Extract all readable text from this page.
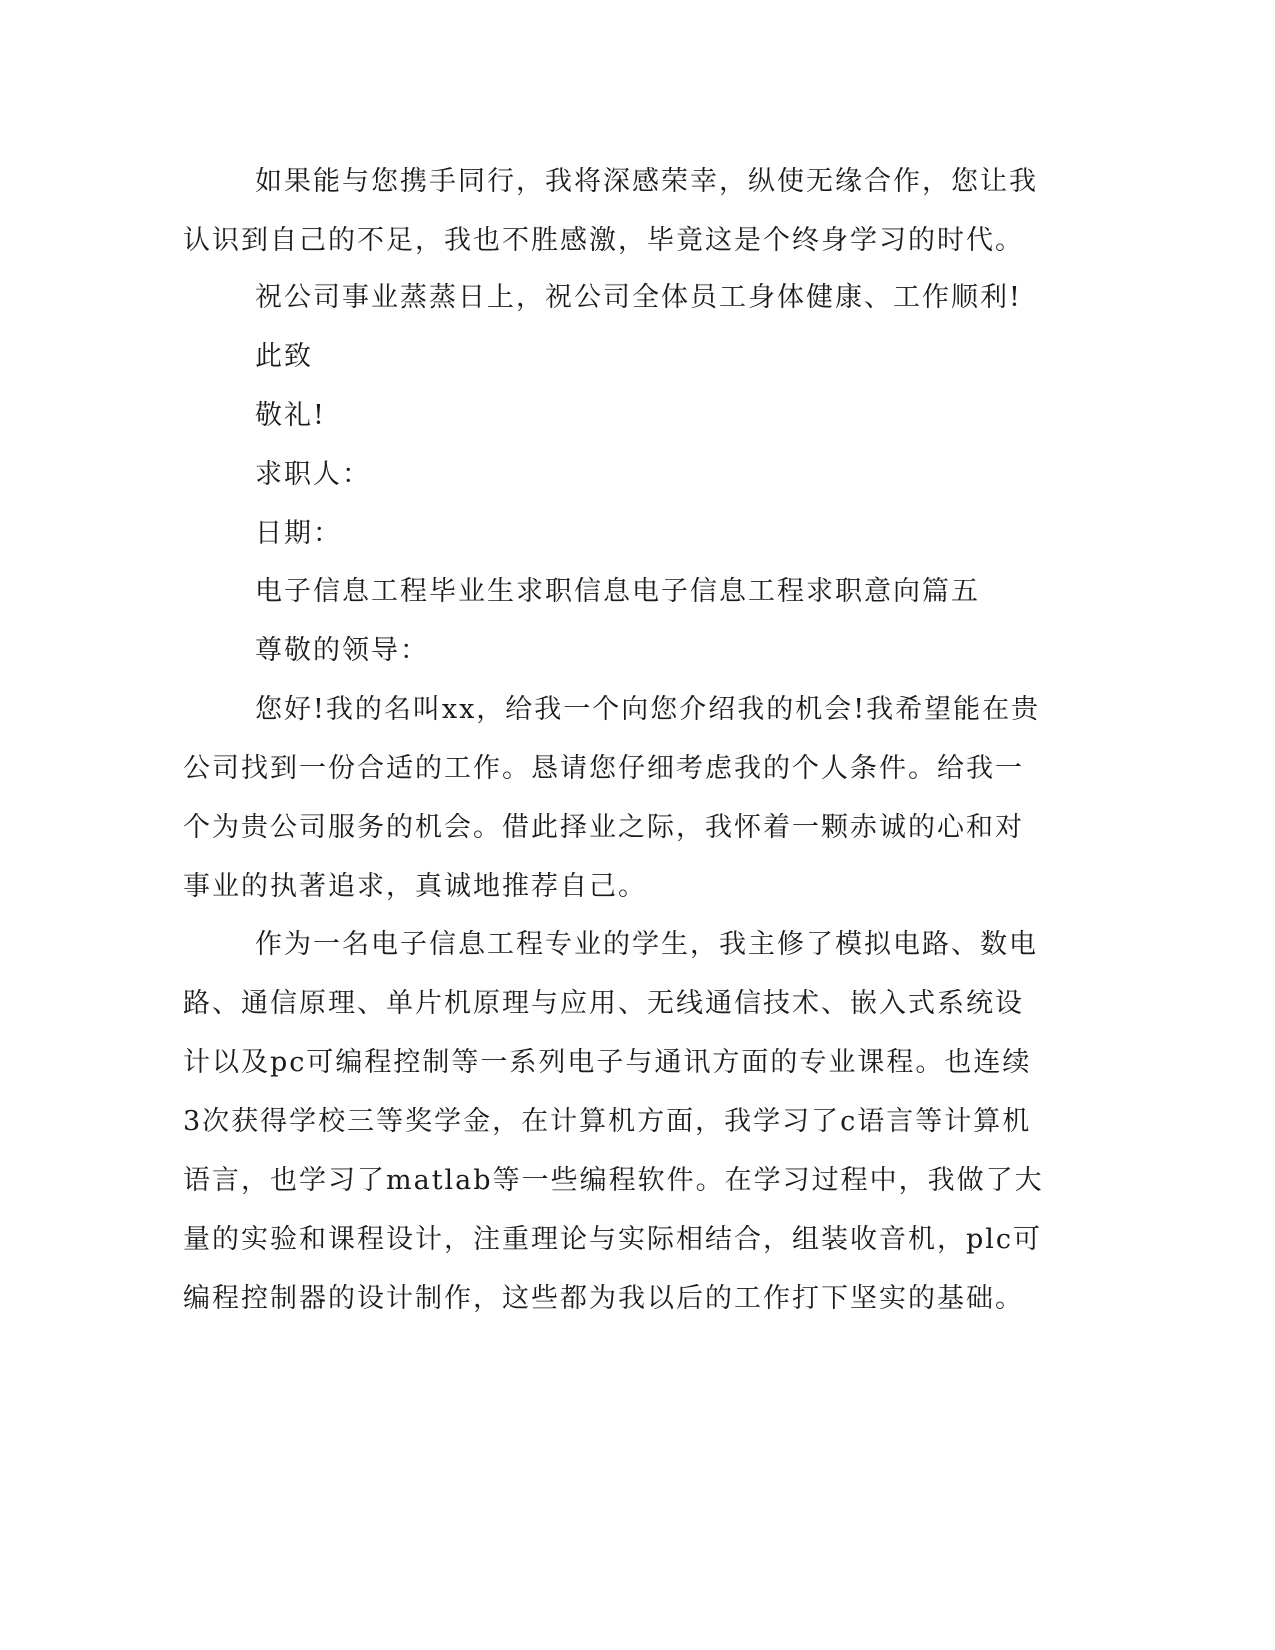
如果能与您携手同行，我将深感荣幸，纵使无缘合作，您让我认识到自己的不足，我也不胜感激，毕竟这是个终身学习的时代。

祝公司事业蒸蒸日上，祝公司全体员工身体健康、工作顺利!

此致

敬礼!

求职人：

日期：

电子信息工程毕业生求职信息电子信息工程求职意向篇五

尊敬的领导：

您好!我的名叫xx，给我一个向您介绍我的机会!我希望能在贵公司找到一份合适的工作。恳请您仔细考虑我的个人条件。给我一个为贵公司服务的机会。借此择业之际，我怀着一颗赤诚的心和对事业的执著追求，真诚地推荐自己。

作为一名电子信息工程专业的学生，我主修了模拟电路、数电路、通信原理、单片机原理与应用、无线通信技术、嵌入式系统设计以及pc可编程控制等一系列电子与通讯方面的专业课程。也连续3次获得学校三等奖学金，在计算机方面，我学习了c语言等计算机语言，也学习了matlab等一些编程软件。在学习过程中，我做了大量的实验和课程设计，注重理论与实际相结合，组装收音机，plc可编程控制器的设计制作，这些都为我以后的工作打下坚实的基础。
